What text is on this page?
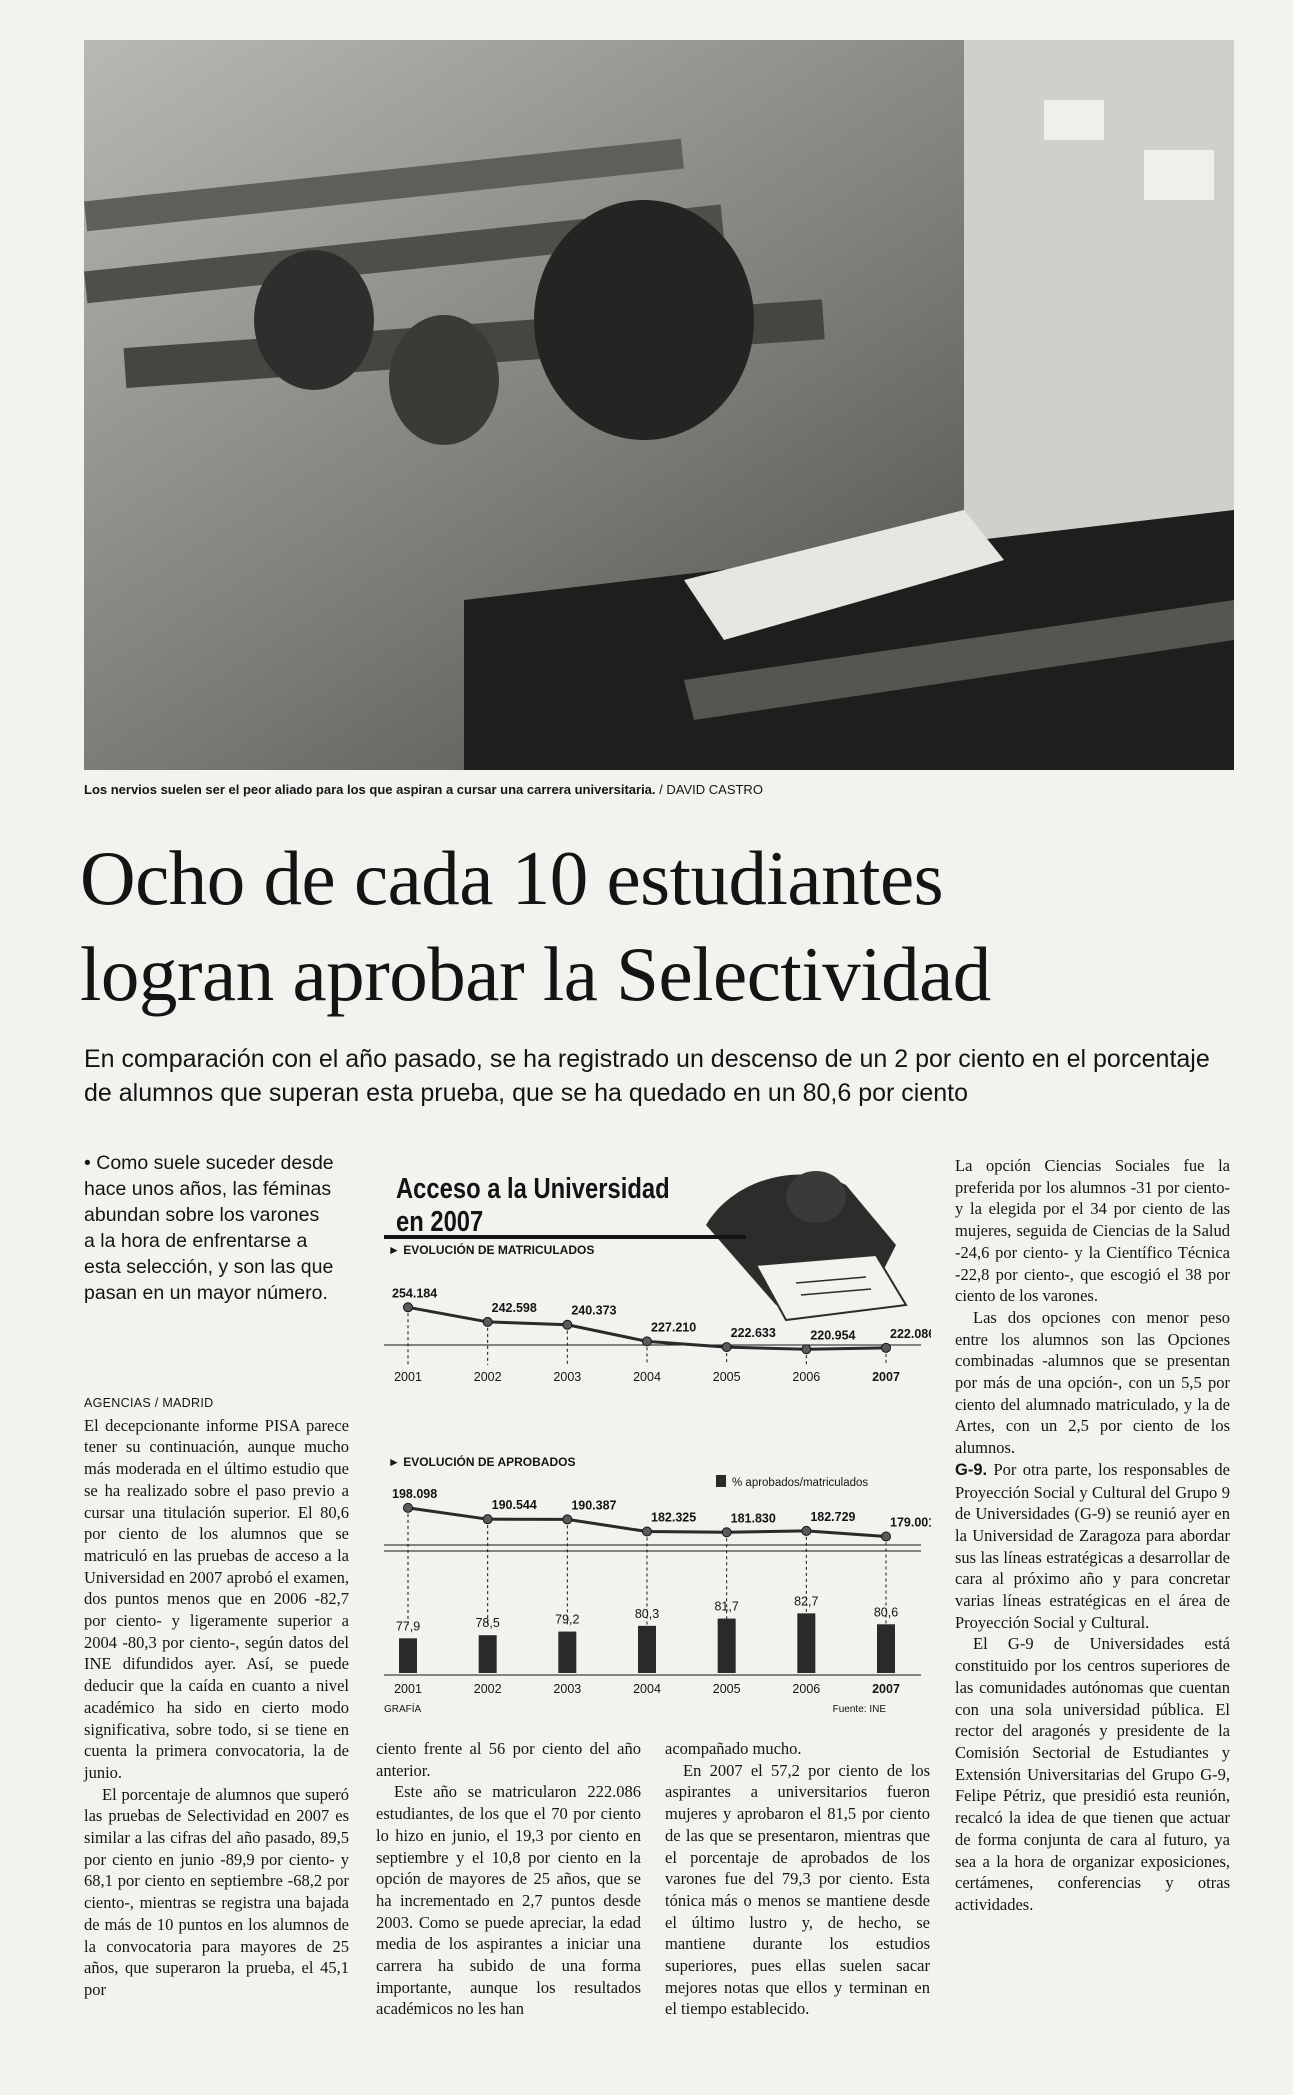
Los nervios suelen ser el peor aliado para los que aspiran a cursar una carrera universitaria. / DAVID CASTRO
Ocho de cada 10 estudiantes
logran aprobar la Selectividad

En comparación con el año pasado, se ha registrado un descenso de un 2 por ciento en el porcentaje de alumnos que superan esta prueba, que se ha quedado en un 80,6 por ciento

• Como suele suceder desde hace unos años, las féminas abundan sobre los varones a la hora de enfrentarse a esta selección, y son las que pasan en un mayor número.

AGENCIAS / MADRID

El decepcionante informe PISA parece tener su continuación, aunque mucho más moderada en el último estudio que se ha realizado sobre el paso previo a cursar una titulación superior. El 80,6 por ciento de los alumnos que se matriculó en las pruebas de acceso a la Universidad en 2007 aprobó el examen, dos puntos menos que en 2006 -82,7 por ciento- y ligeramente superior a 2004 -80,3 por ciento-, según datos del INE difundidos ayer. Así, se puede deducir que la caída en cuanto a nivel académico ha sido en cierto modo significativa, sobre todo, si se tiene en cuenta la primera convocatoria, la de junio.

El porcentaje de alumnos que superó las pruebas de Selectividad en 2007 es similar a las cifras del año pasado, 89,5 por ciento en junio -89,9 por ciento- y 68,1 por ciento en septiembre -68,2 por ciento-, mientras se registra una bajada de más de 10 puntos en los alumnos de la convocatoria para mayores de 25 años, que superaron la prueba, el 45,1 por

ciento frente al 56 por ciento del año anterior.

Este año se matricularon 222.086 estudiantes, de los que el 70 por ciento lo hizo en junio, el 19,3 por ciento en septiembre y el 10,8 por ciento en la opción de mayores de 25 años, que se ha incrementado en 2,7 puntos desde 2003. Como se puede apreciar, la edad media de los aspirantes a iniciar una carrera ha subido de una forma importante, aunque los resultados académicos no les han

acompañado mucho.

En 2007 el 57,2 por ciento de los aspirantes a universitarios fueron mujeres y aprobaron el 81,5 por ciento de las que se presentaron, mientras que el porcentaje de aprobados de los varones fue del 79,3 por ciento. Esta tónica más o menos se mantiene desde el último lustro y, de hecho, se mantiene durante los estudios superiores, pues ellas suelen sacar mejores notas que ellos y terminan en el tiempo establecido.

La opción Ciencias Sociales fue la preferida por los alumnos -31 por ciento- y la elegida por el 34 por ciento de las mujeres, seguida de Ciencias de la Salud -24,6 por ciento- y la Científico Técnica -22,8 por ciento-, que escogió el 38 por ciento de los varones.

Las dos opciones con menor peso entre los alumnos son las Opciones combinadas -alumnos que se presentan por más de una opción-, con un 5,5 por ciento del alumnado matriculado, y la de Artes, con un 2,5 por ciento de los alumnos.

G-9. Por otra parte, los responsables de Proyección Social y Cultural del Grupo 9 de Universidades (G-9) se reunió ayer en la Universidad de Zaragoza para abordar sus las líneas estratégicas a desarrollar de cara al próximo año y para concretar varias líneas estratégicas en el área de Proyección Social y Cultural.

El G-9 de Universidades está constituido por los centros superiores de las comunidades autónomas que cuentan con una sola universidad pública. El rector del aragonés y presidente de la Comisión Sectorial de Estudiantes y Extensión Universitarias del Grupo G-9, Felipe Pétriz, que presidió esta reunión, recalcó la idea de que tienen que actuar de forma conjunta de cara al futuro, ya sea a la hora de organizar exposiciones, certámenes, conferencias y otras actividades.

254.184
242.598	240.373
227.210	222.633	220.954	222.086
2001	2002	2003	2004	2005	2006	2007
198.098
190.544	190.387
182.325	181.830	182.729	179.001
77,9	78,5	79,2	80,3
81,7	82,7
80,6
2001	2002	2003	2004	2005	2006	2007
% aprobados/matriculados
GRAFÍA	Fuente: INE
Acceso a la Universidad en 2007
► EVOLUCIÓN DE MATRICULADOS
► EVOLUCIÓN DE APROBADOS
